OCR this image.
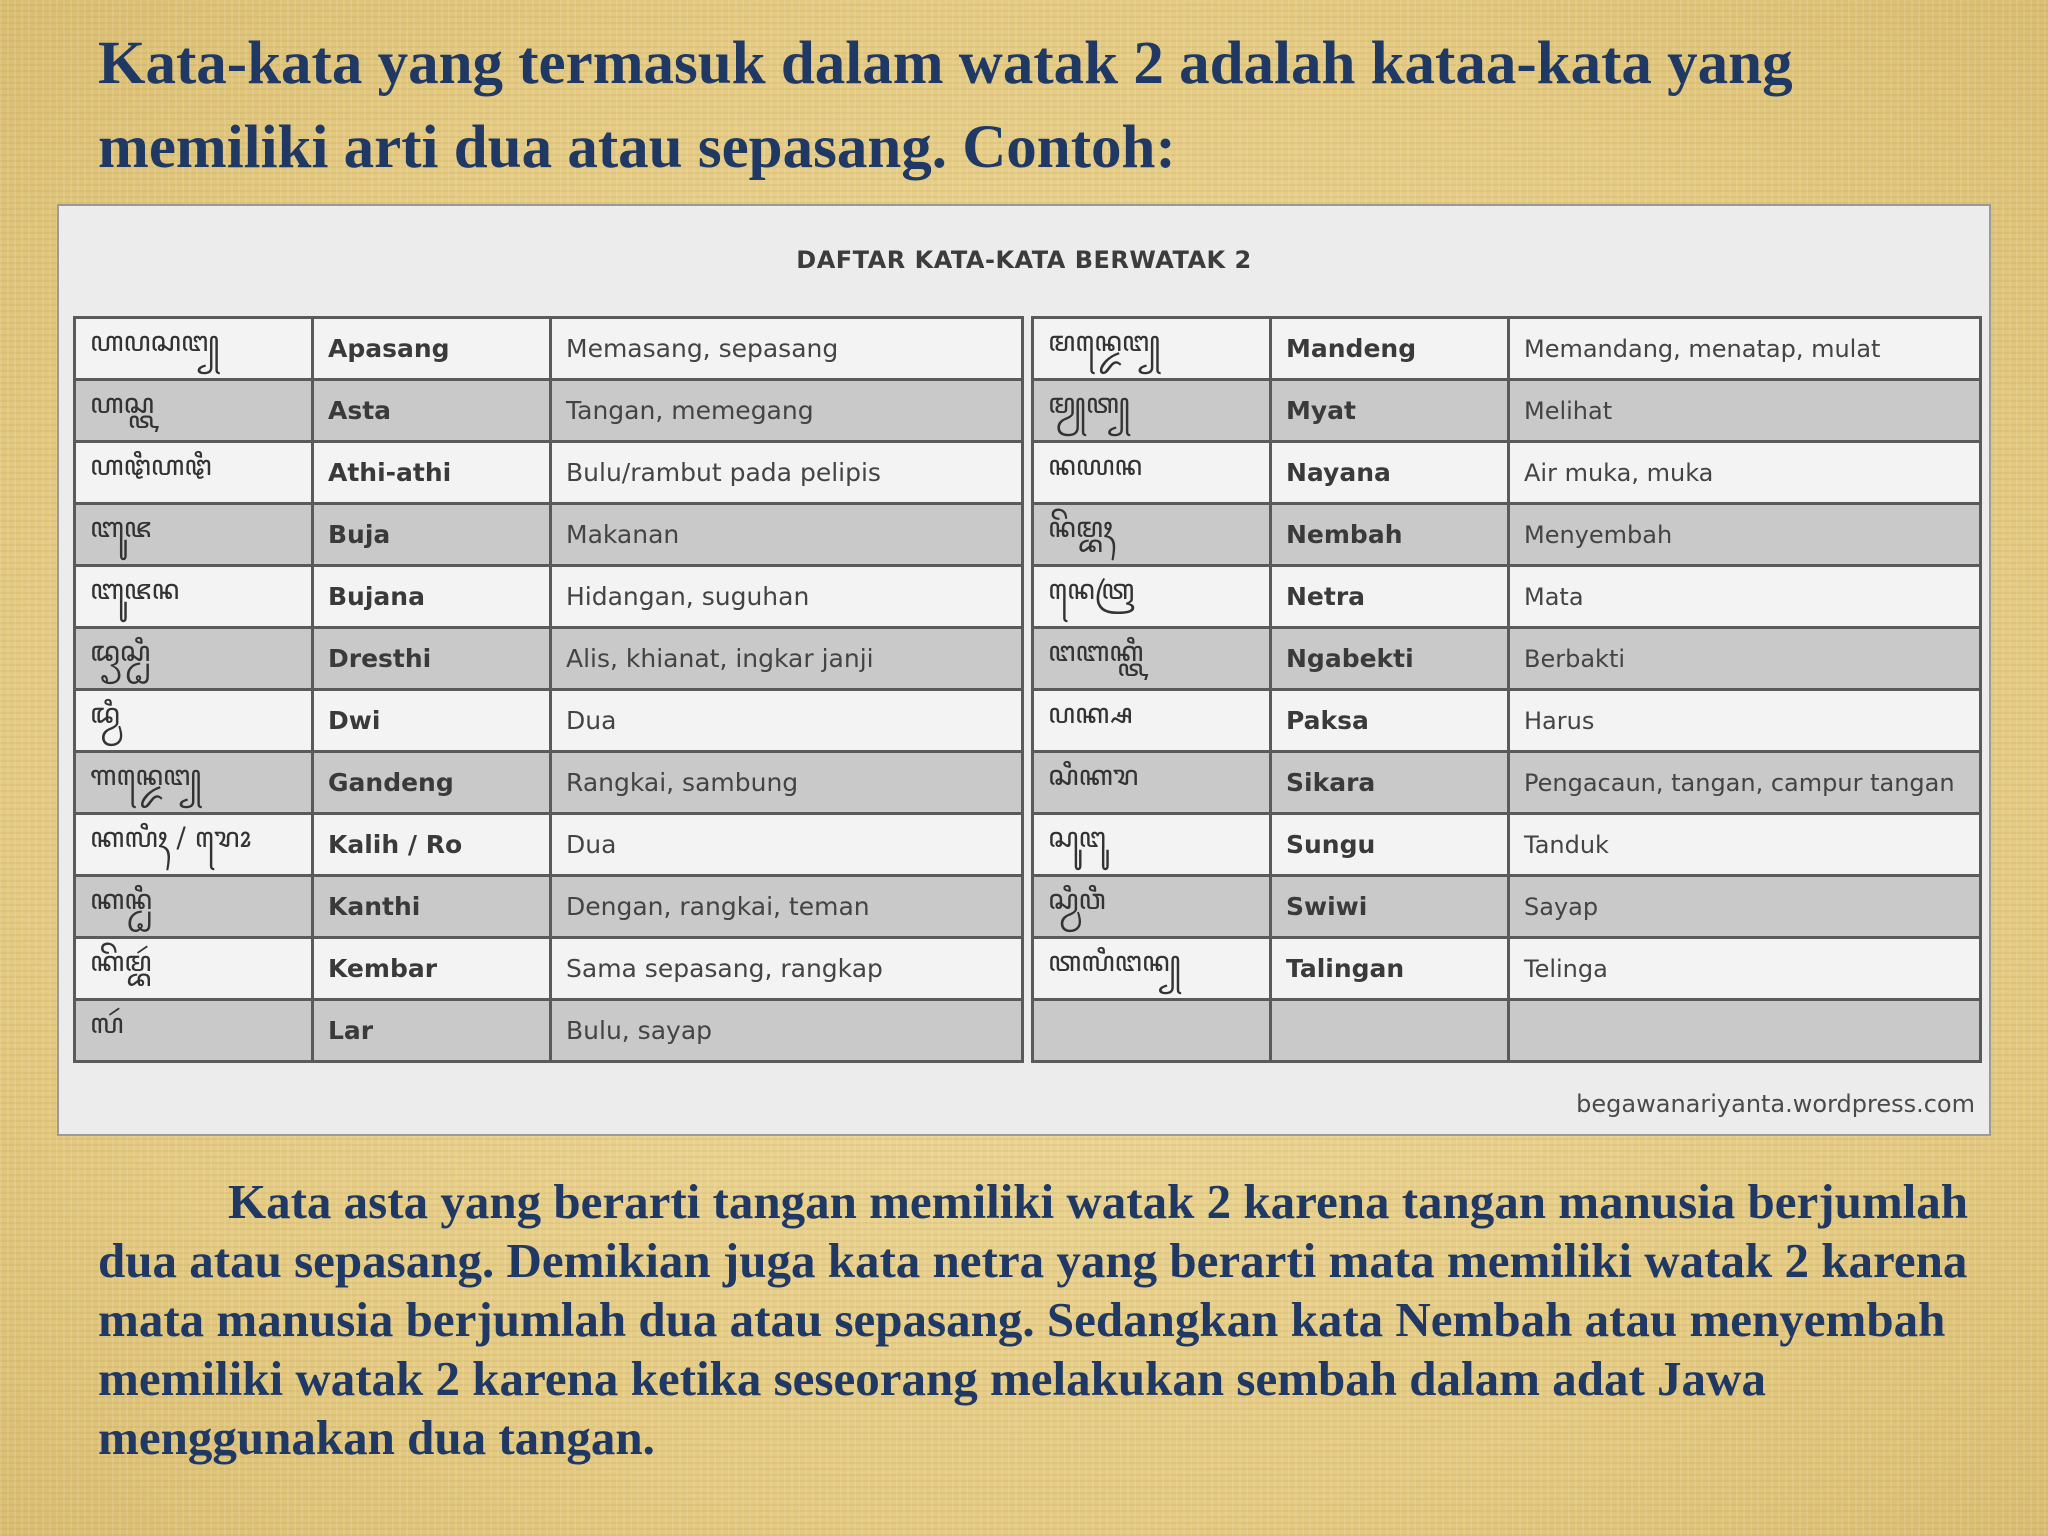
Kata-kata yang termasuk dalam watak 2 adalah kataa-kata yang memiliki arti dua atau sepasang. Contoh:
DAFTAR KATA-KATA BERWATAK 2
ꦲꦥꦱꦔ꧀	Apasang	Memasang, sepasang
ꦲꦱ꧀ꦠ	Asta	Tangan, memegang
ꦲꦛꦶꦲꦛꦶ	Athi-athi	Bulu/rambut pada pelipis
ꦧꦸꦗ	Buja	Makanan
ꦧꦸꦗꦤ	Bujana	Hidangan, suguhan
ꦢꦽꦱ꧀ꦛꦶ	Dresthi	Alis, khianat, ingkar janji
ꦢ꧀ꦮꦶ	Dwi	Dua
ꦒꦤ꧀ꦢꦺꦔ꧀	Gandeng	Rangkai, sambung
ꦏꦭꦶꦃ / ꦫꦺꦴ	Kalih / Ro	Dua
ꦏꦤ꧀ꦛꦶ	Kanthi	Dengan, rangkai, teman
ꦏꦼꦩ꧀ꦧꦂ	Kembar	Sama sepasang, rangkap
ꦭꦂ	Lar	Bulu, sayap
ꦩꦤ꧀ꦢꦺꦔ꧀	Mandeng	Memandang, menatap, mulat
ꦩꦾꦠ꧀	Myat	Melihat
ꦤꦪꦤ	Nayana	Air muka, muka
ꦤꦼꦩ꧀ꦧꦃ	Nembah	Menyembah
ꦤꦺꦠꦿ	Netra	Mata
ꦔꦧꦏ꧀ꦠꦶ	Ngabekti	Berbakti
ꦥꦏ꧀ꦱ	Paksa	Harus
ꦱꦶꦏꦫ	Sikara	Pengacaun, tangan, campur tangan
ꦱꦸꦔꦸ	Sungu	Tanduk
ꦱ꧀ꦮꦶꦮꦶ	Swiwi	Sayap
ꦠꦭꦶꦔꦤ꧀	Talingan	Telinga

begawanariyanta.wordpress.com

Kata asta yang berarti tangan memiliki watak 2 karena tangan manusia berjumlah dua atau sepasang. Demikian juga kata netra yang berarti mata memiliki watak 2 karena mata manusia berjumlah dua atau sepasang. Sedangkan kata Nembah atau menyembah memiliki watak 2 karena ketika seseorang melakukan sembah dalam adat Jawa menggunakan dua tangan.
